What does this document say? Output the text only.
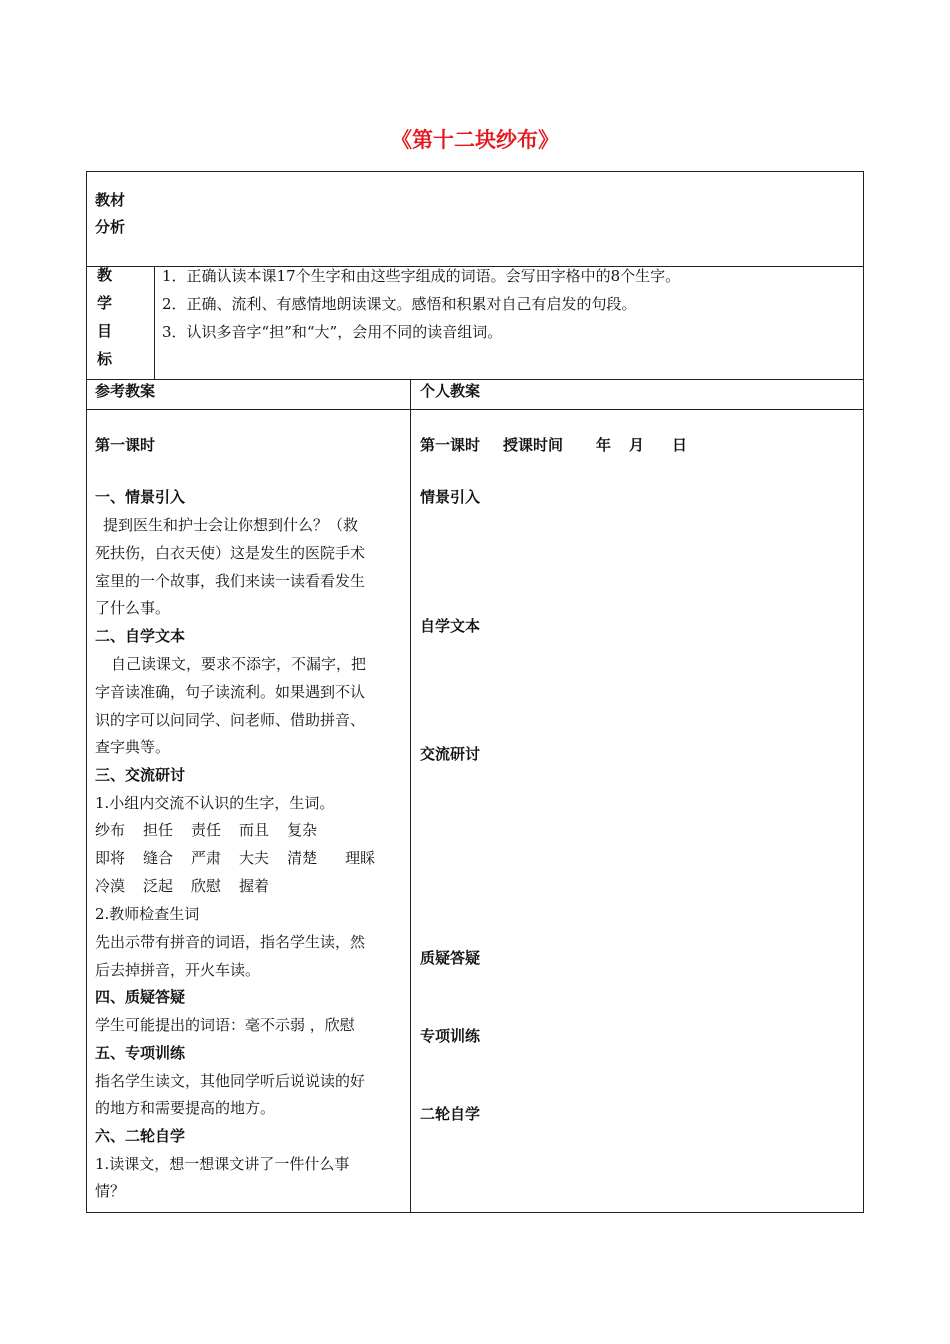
《第十二块纱布》
教材
分析
教
学
目
标
1．正确认读本课17个生字和由这些字组成的词语。会写田字格中的8个生字。
2．正确、流利、有感情地朗读课文。感悟和积累对自己有启发的句段。
3．认识多音字“担”和“大”，会用不同的读音组词。
参考教案	个人教案
第一课时
一、情景引入
提到医生和护士会让你想到什么？（救
死扶伤，白衣天使）这是发生的医院手术
室里的一个故事，我们来读一读看看发生
了什么事。
二、自学文本
自己读课文，要求不添字，不漏字，把
字音读准确，句子读流利。如果遇到不认
识的字可以问同学、问老师、借助拼音、
查字典等。
三、交流研讨
1.小组内交流不认识的生字，生词。
纱布 担任 责任 而且 复杂
即将 缝合 严肃 大夫 清楚 理睬
冷漠 泛起 欣慰 握着
2.教师检查生词
先出示带有拼音的词语，指名学生读，然
后去掉拼音，开火车读。
四、质疑答疑
学生可能提出的词语：毫不示弱 ，欣慰
五、专项训练
指名学生读文，其他同学听后说说读的好
的地方和需要提高的地方。
六、二轮自学
1.读课文，想一想课文讲了一件什么事
情？
第一课时 授课时间 年 月 日
情景引入
自学文本
交流研讨
质疑答疑
专项训练
二轮自学
